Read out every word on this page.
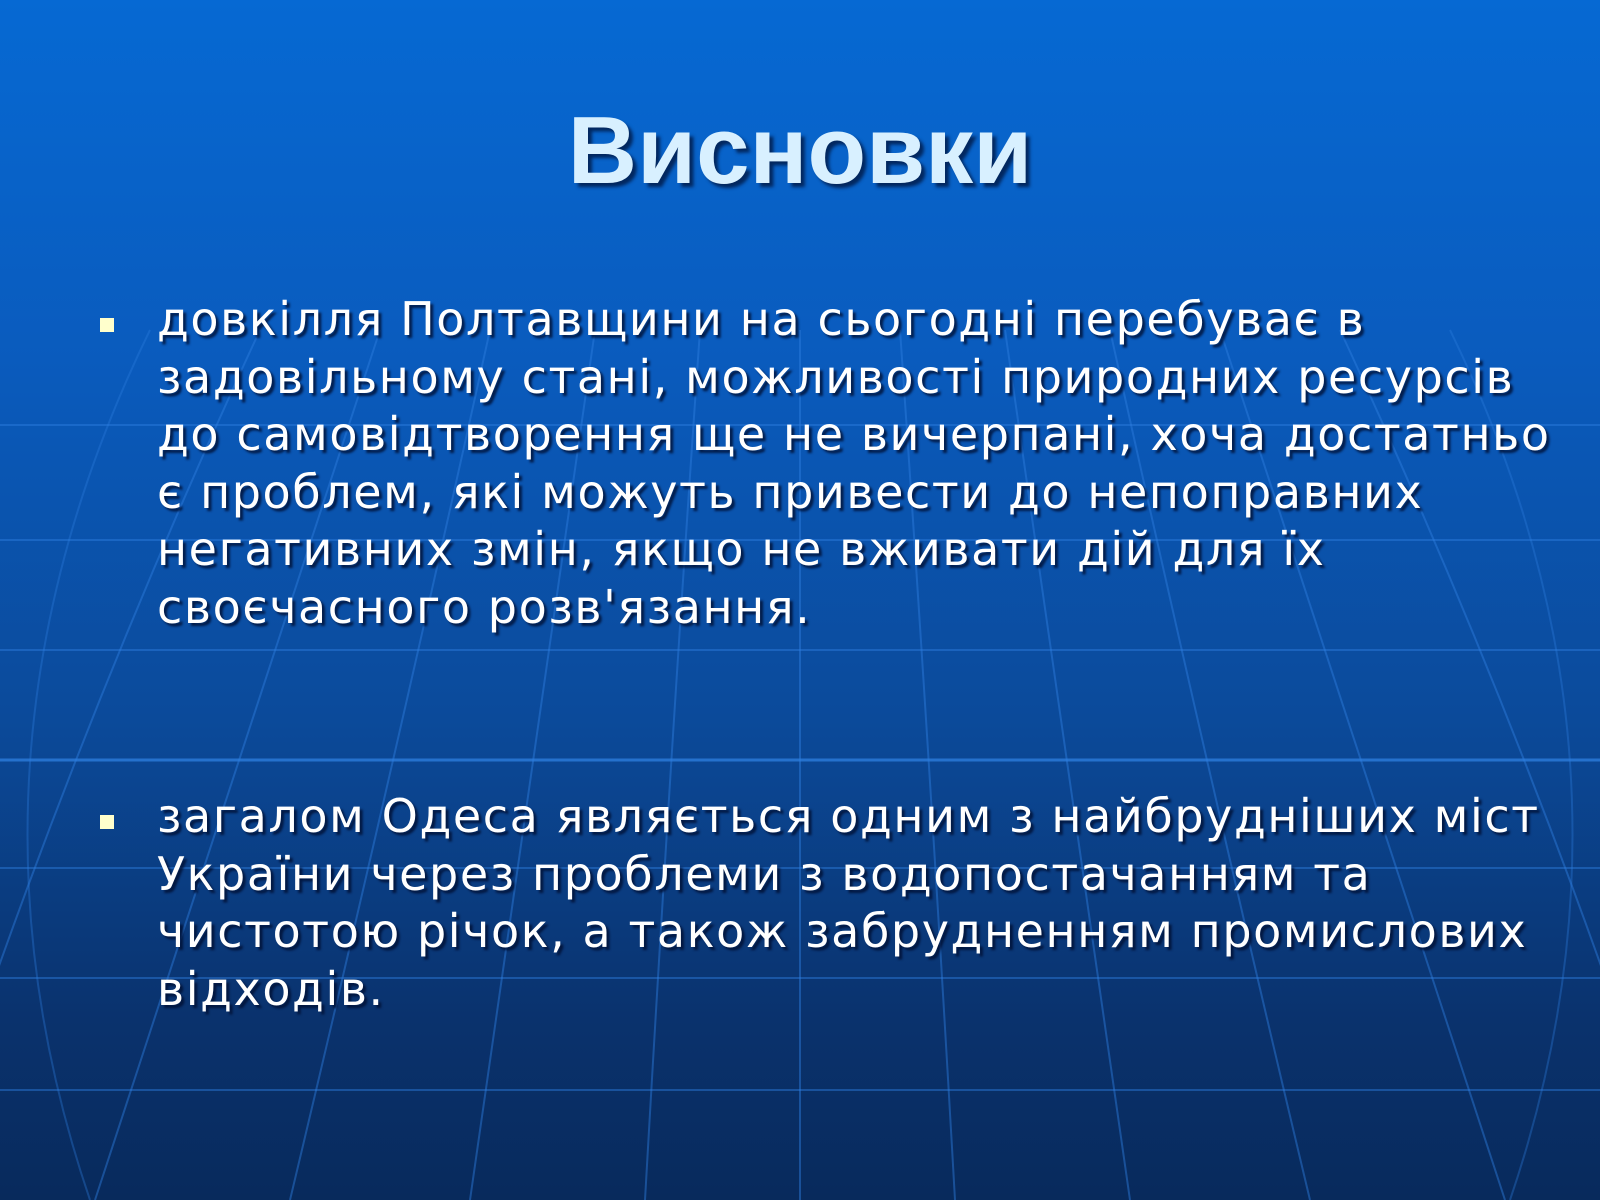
Висновки
довкілля Полтавщини на сьогодні перебуває в задовільному стані, можливості природних ресурсів до самовідтворення ще не вичерпані, хоча достатньо є проблем, які можуть привести до непоправних негативних змін, якщо не вживати дій для їх своєчасного розв'язання.
загалом Одеса являється одним з найбрудніших міст України через проблеми з водопостачанням та чистотою річок, а також забрудненням промислових відходів.
